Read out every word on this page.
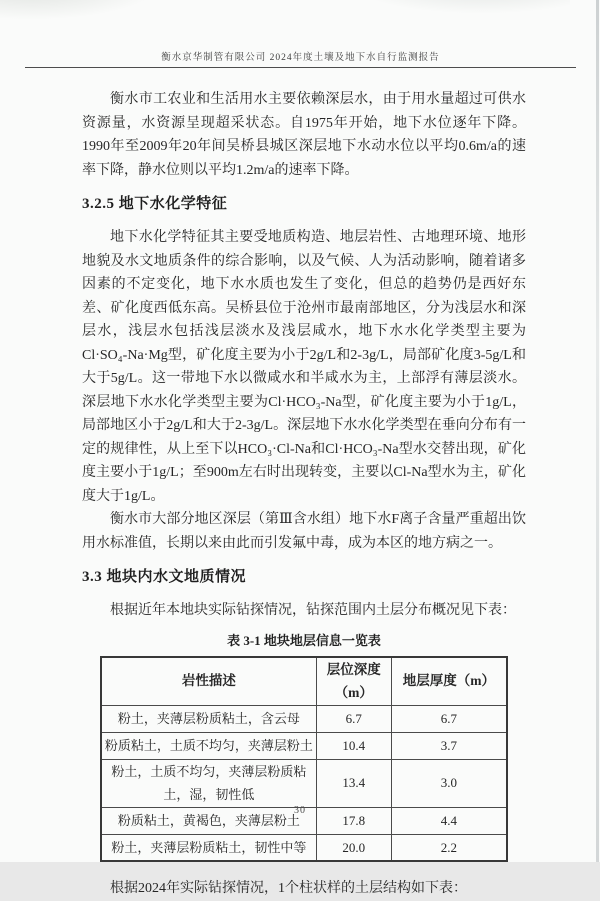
衡水京华制管有限公司 2024年度土壤及地下水自行监测报告

衡水市工农业和生活用水主要依赖深层水，由于用水量超过可供水资源量，水资源呈现超采状态。自1975年开始，地下水位逐年下降。1990年至2009年20年间吴桥县城区深层地下水动水位以平均0.6m/a的速率下降，静水位则以平均1.2m/a的速率下降。

3.2.5 地下水化学特征

地下水化学特征其主要受地质构造、地层岩性、古地理环境、地形地貌及水文地质条件的综合影响，以及气候、人为活动影响，随着诸多因素的不定变化，地下水水质也发生了变化，但总的趋势仍是西好东差、矿化度西低东高。吴桥县位于沧州市最南部地区，分为浅层水和深层水，浅层水包括浅层淡水及浅层咸水，地下水水化学类型主要为Cl·SO₄-Na·Mg型，矿化度主要为小于2g/L和2-3g/L，局部矿化度3-5g/L和大于5g/L。这一带地下水以微咸水和半咸水为主，上部浮有薄层淡水。深层地下水水化学类型主要为Cl·HCO₃-Na型，矿化度主要为小于1g/L，局部地区小于2g/L和大于2-3g/L。深层地下水水化学类型在垂向分布有一定的规律性，从上至下以HCO₃·Cl-Na和Cl·HCO₃-Na型水交替出现，矿化度主要小于1g/L；至900m左右时出现转变，主要以Cl-Na型水为主，矿化度大于1g/L。

衡水市大部分地区深层（第Ⅲ含水组）地下水F离子含量严重超出饮用水标准值，长期以来由此而引发氟中毒，成为本区的地方病之一。

3.3 地块内水文地质情况

根据近年本地块实际钻探情况，钻探范围内土层分布概况见下表：

表 3-1 地块地层信息一览表
岩性描述	层位深度（m）	地层厚度（m）
粉土，夹薄层粉质粘土，含云母	6.7	6.7
粉质粘土，土质不均匀，夹薄层粉土	10.4	3.7
粉土，土质不均匀，夹薄层粉质粘土，湿，韧性低	13.4	3.0
粉质粘土，黄褐色，夹薄层粉土	17.8	4.4
粉土，夹薄层粉质粘土，韧性中等	20.0	2.2

根据2024年实际钻探情况，1个柱状样的土层结构如下表：

30
